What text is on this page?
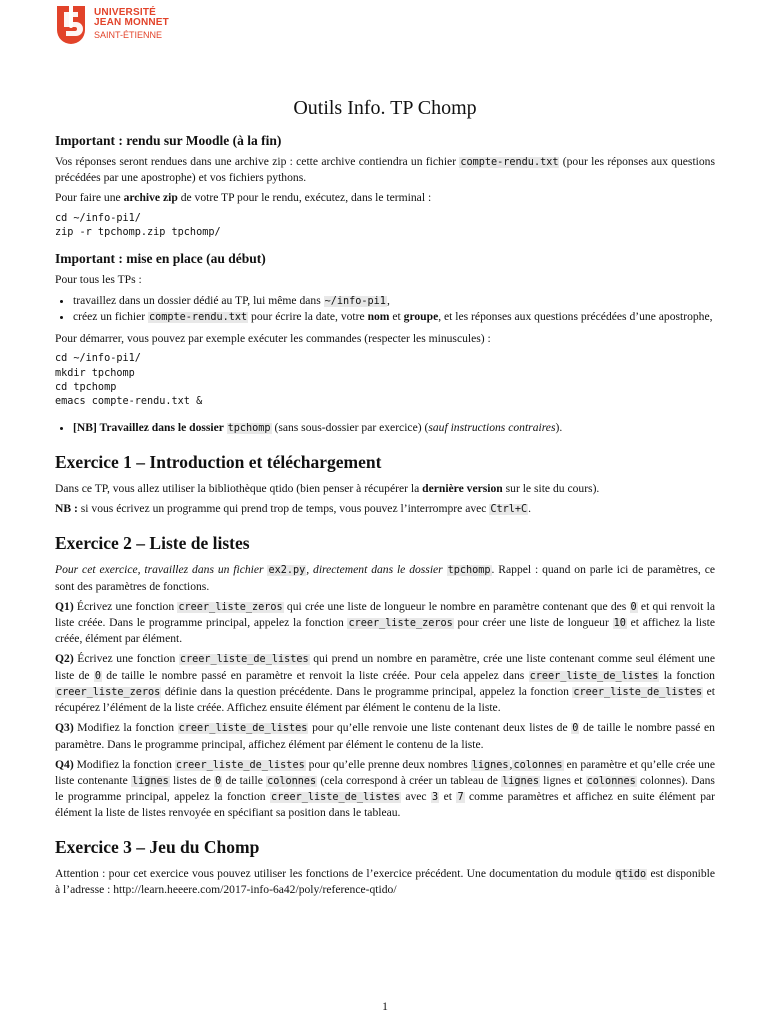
UNIVERSITÉ
JEAN MONNET
SAINT-ÉTIENNE
Outils Info. TP Chomp
Important : rendu sur Moodle (à la fin)

Vos réponses seront rendues dans une archive zip : cette archive contiendra un fichier compte-rendu.txt (pour les réponses aux questions précédées par une apostrophe) et vos fichiers pythons.

Pour faire une archive zip de votre TP pour le rendu, exécutez, dans le terminal :

cd ~/info-pi1/
zip -r tpchomp.zip tpchomp/
Important : mise en place (au début)

Pour tous les TPs :

• travaillez dans un dossier dédié au TP, lui même dans ~/info-pi1,
• créez un fichier compte-rendu.txt pour écrire la date, votre nom et groupe, et les réponses aux questions précédées d’une apostrophe,

Pour démarrer, vous pouvez par exemple exécuter les commandes (respecter les minuscules) :

cd ~/info-pi1/
mkdir tpchomp
cd tpchomp
emacs compte-rendu.txt &
• [NB] Travaillez dans le dossier tpchomp (sans sous-dossier par exercice) (sauf instructions contraires).
Exercice 1 – Introduction et téléchargement

Dans ce TP, vous allez utiliser la bibliothèque qtido (bien penser à récupérer la dernière version sur le site du cours).

NB : si vous écrivez un programme qui prend trop de temps, vous pouvez l’interrompre avec Ctrl+C.

Exercice 2 – Liste de listes

Pour cet exercice, travaillez dans un fichier ex2.py, directement dans le dossier tpchomp. Rappel : quand on parle ici de paramètres, ce sont des paramètres de fonctions.

Q1) Écrivez une fonction creer_liste_zeros qui crée une liste de longueur le nombre en paramètre contenant que des 0 et qui renvoit la liste créée. Dans le programme principal, appelez la fonction creer_liste_zeros pour créer une liste de longueur 10 et affichez la liste créée, élément par élément.

Q2) Écrivez une fonction creer_liste_de_listes qui prend un nombre en paramètre, crée une liste contenant comme seul élément une liste de 0 de taille le nombre passé en paramètre et renvoit la liste créée. Pour cela appelez dans creer_liste_de_listes la fonction creer_liste_zeros définie dans la question précédente. Dans le programme principal, appelez la fonction creer_liste_de_listes et récupérez l’élément de la liste créée. Affichez ensuite élément par élément le contenu de la liste.

Q3) Modifiez la fonction creer_liste_de_listes pour qu’elle renvoie une liste contenant deux listes de 0 de taille le nombre passé en paramètre. Dans le programme principal, affichez élément par élément le contenu de la liste.

Q4) Modifiez la fonction creer_liste_de_listes pour qu’elle prenne deux nombres lignes,colonnes en paramètre et qu’elle crée une liste contenante lignes listes de 0 de taille colonnes (cela correspond à créer un tableau de lignes lignes et colonnes colonnes). Dans le programme principal, appelez la fonction creer_liste_de_listes avec 3 et 7 comme paramètres et affichez en suite élément par élément la liste de listes renvoyée en spécifiant sa position dans le tableau.

Exercice 3 – Jeu du Chomp

Attention : pour cet exercice vous pouvez utiliser les fonctions de l’exercice précédent. Une documentation du module qtido est disponible à l’adresse : http://learn.heeere.com/2017-info-6a42/poly/reference-qtido/

1
